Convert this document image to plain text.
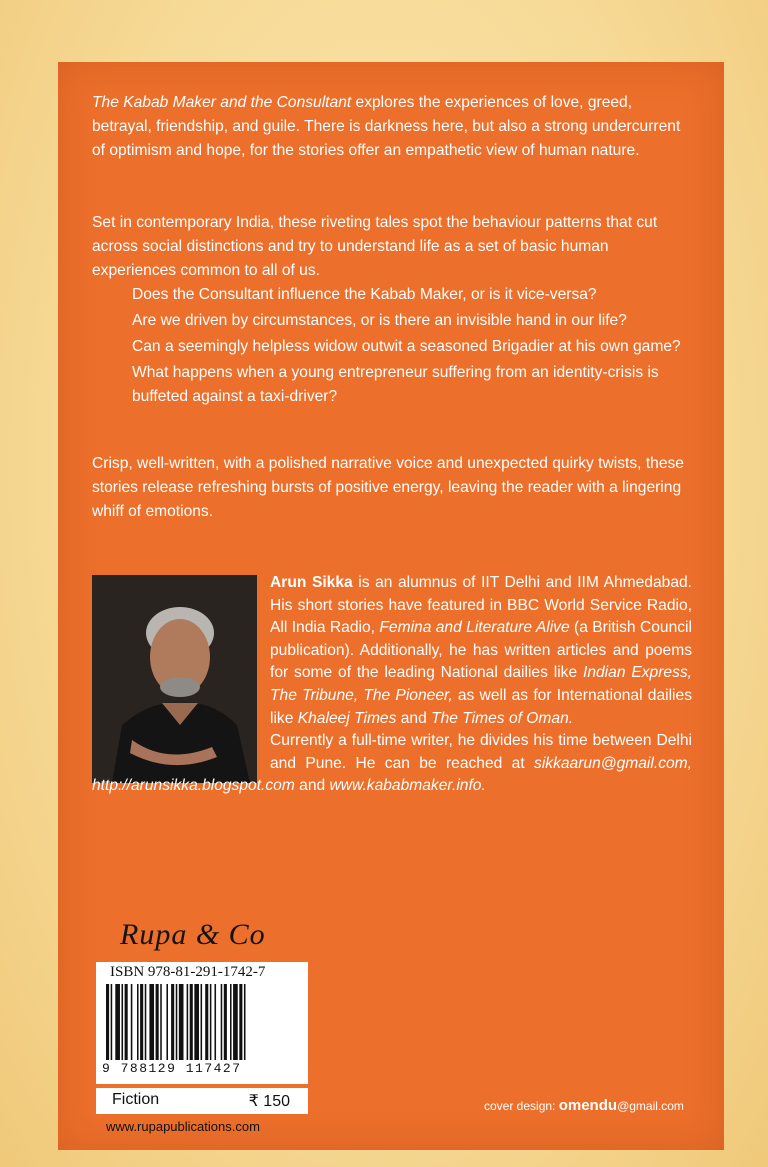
The Kabab Maker and the Consultant explores the experiences of love, greed, betrayal, friendship, and guile. There is darkness here, but also a strong undercurrent of optimism and hope, for the stories offer an empathetic view of human nature.

Set in contemporary India, these riveting tales spot the behaviour patterns that cut across social distinctions and try to understand life as a set of basic human experiences common to all of us.

Does the Consultant influence the Kabab Maker, or is it vice-versa?
Are we driven by circumstances, or is there an invisible hand in our life?
Can a seemingly helpless widow outwit a seasoned Brigadier at his own game?
What happens when a young entrepreneur suffering from an identity-crisis is buffeted against a taxi-driver?

Crisp, well-written, with a polished narrative voice and unexpected quirky twists, these stories release refreshing bursts of positive energy, leaving the reader with a lingering whiff of emotions.

Arun Sikka is an alumnus of IIT Delhi and IIM Ahmedabad. His short stories have featured in BBC World Service Radio, All India Radio, Femina and Literature Alive (a British Council publication). Additionally, he has written articles and poems for some of the leading National dailies like Indian Express, The Tribune, The Pioneer, as well as for International dailies like Khaleej Times and The Times of Oman.
Currently a full-time writer, he divides his time between Delhi and Pune. He can be reached at sikkaarun@gmail.com, http://arunsikka.blogspot.com and www.kababmaker.info.
Rupa & Co
ISBN 978-81-291-1742-7
9 788129 117427
Fiction	₹ 150
www.rupapublications.com
cover design: omendu@gmail.com
